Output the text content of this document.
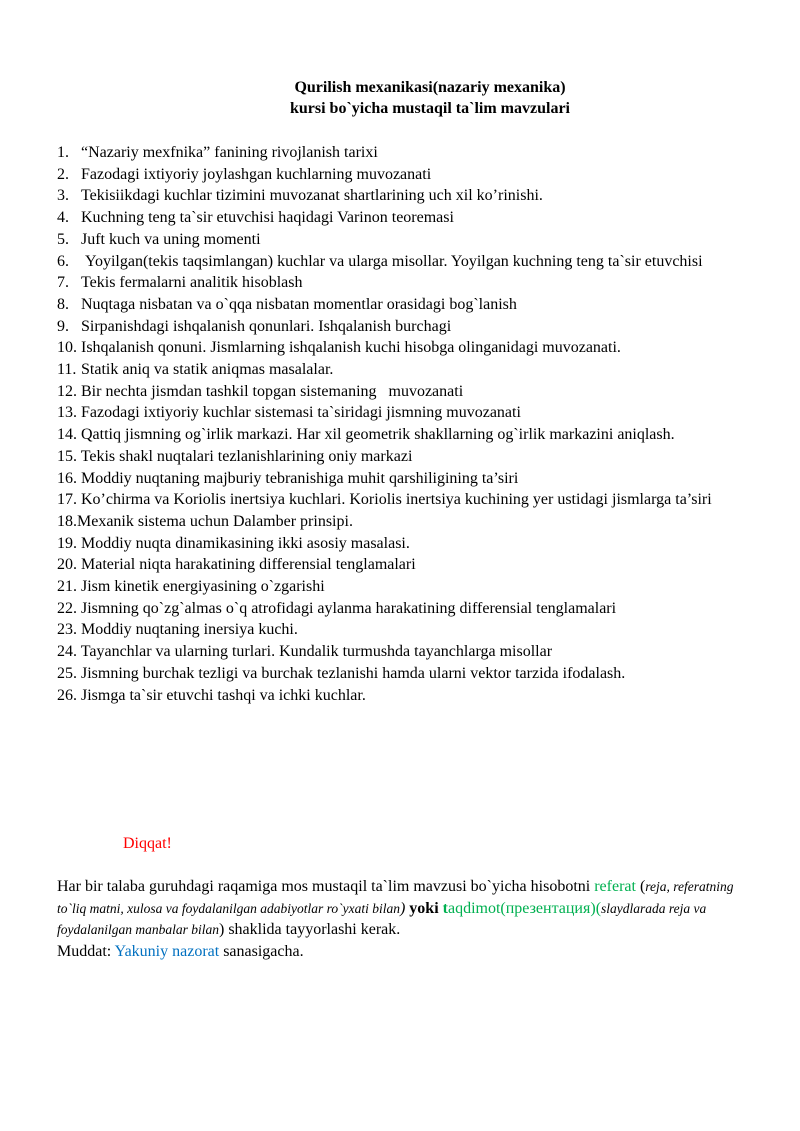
Qurilish mexanikasi(nazariy mexanika)
kursi bo`yicha mustaqil ta`lim mavzulari
1. “Nazariy mexfnika” fanining rivojlanish tarixi
2. Fazodagi ixtiyoriy joylashgan kuchlarning muvozanati
3. Tekisiikdagi kuchlar tizimini muvozanat shartlarining uch xil ko’rinishi.
4. Kuchning teng ta`sir etuvchisi haqidagi Varinon teoremasi
5. Juft kuch va uning momenti
6. Yoyilgan(tekis taqsimlangan) kuchlar va ularga misollar. Yoyilgan kuchning teng ta`sir etuvchisi
7. Tekis fermalarni analitik hisoblash
8. Nuqtaga nisbatan va o`qqa nisbatan momentlar orasidagi bog`lanish
9. Sirpanishdagi ishqalanish qonunlari. Ishqalanish burchagi
10. Ishqalanish qonuni. Jismlarning ishqalanish kuchi hisobga olinganidagi muvozanati.
11. Statik aniq va statik aniqmas masalalar.
12. Bir nechta jismdan tashkil topgan sistemaning   muvozanati
13. Fazodagi ixtiyoriy kuchlar sistemasi ta`siridagi jismning muvozanati
14. Qattiq jismning og`irlik markazi. Har xil geometrik shakllarning og`irlik markazini aniqlash.
15. Tekis shakl nuqtalari tezlanishlarining oniy markazi
16. Moddiy nuqtaning majburiy tebranishiga muhit qarshiligining ta’siri
17. Ko’chirma va Koriolis inertsiya kuchlari. Koriolis inertsiya kuchining yer ustidagi jismlarga ta’siri
18.Mexanik sistema uchun Dalamber prinsipi.
19. Moddiy nuqta dinamikasining ikki asosiy masalasi.
20. Material niqta harakatining differensial tenglamalari
21. Jism kinetik energiyasining o`zgarishi
22. Jismning qo`zg`almas o`q atrofidagi aylanma harakatining differensial tenglamalari
23. Moddiy nuqtaning inersiya kuchi.
24. Tayanchlar va ularning turlari. Kundalik turmushda tayanchlarga misollar
25. Jismning burchak tezligi va burchak tezlanishi hamda ularni vektor tarzida ifodalash.
26. Jismga ta`sir etuvchi tashqi va ichki kuchlar.
Diqqat!
Har bir talaba guruhdagi raqamiga mos mustaqil ta`lim mavzusi bo`yicha hisobotni referat (reja, referatning to`liq matni, xulosa va foydalanilgan adabiyotlar ro`yxati bilan) yoki taqdimot(презентация)(slaydlarada reja va foydalanilgan manbalar bilan) shaklida tayyorlashi kerak.
Muddat: Yakuniy nazorat sanasigacha.
